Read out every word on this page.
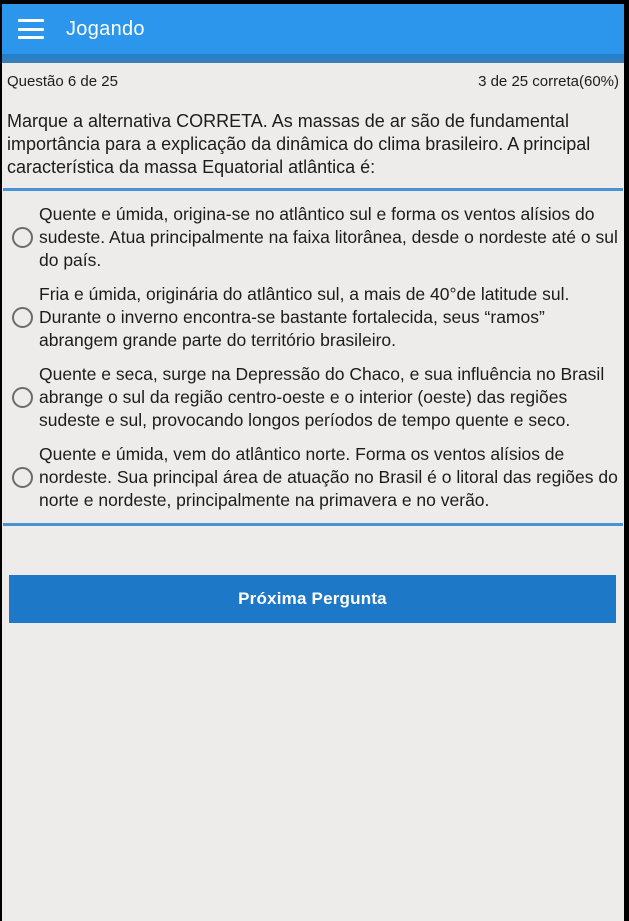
Jogando
Questão 6 de 25	3 de 25 correta(60%)
Marque a alternativa CORRETA. As massas de ar são de fundamental importância para a explicação da dinâmica do clima brasileiro. A principal característica da massa Equatorial atlântica é:
Quente e úmida, origina-se no atlântico sul e forma os ventos alísios do sudeste. Atua principalmente na faixa litorânea, desde o nordeste até o sul do país.
Fria e úmida, originária do atlântico sul, a mais de 40°de latitude sul. Durante o inverno encontra-se bastante fortalecida, seus “ramos” abrangem grande parte do território brasileiro.
Quente e seca, surge na Depressão do Chaco, e sua influência no Brasil abrange o sul da região centro-oeste e o interior (oeste) das regiões sudeste e sul, provocando longos períodos de tempo quente e seco.
Quente e úmida, vem do atlântico norte. Forma os ventos alísios de nordeste. Sua principal área de atuação no Brasil é o litoral das regiões do norte e nordeste, principalmente na primavera e no verão.
Próxima Pergunta
